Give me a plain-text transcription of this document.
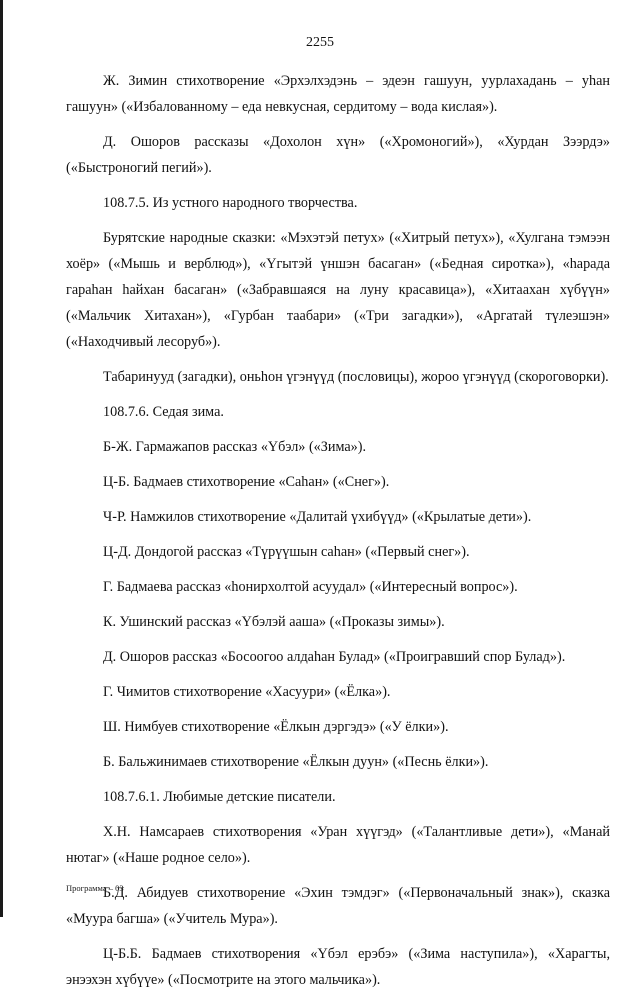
2255

Ж. Зимин стихотворение «Эрхэлхэдэнь – эдеэн гашуун, уурлахадань – уhан гашуун» («Избалованному – еда невкусная, сердитому – вода кислая»).

Д. Ошоров рассказы «Дохолон хүн» («Хромоногий»), «Хурдан Зээрдэ» («Быстроногий пегий»).

108.7.5. Из устного народного творчества.

Бурятские народные сказки: «Мэхэтэй петух» («Хитрый петух»), «Хулгана тэмээн хоёр» («Мышь и верблюд»), «Үгытэй үншэн басаган» («Бедная сиротка»), «hарада гараhан hайхан басаган» («Забравшаяся на луну красавица»), «Хитаахан хүбүүн» («Мальчик Хитахан»), «Гурбан таабари» («Три загадки»), «Аргатай түлеэшэн» («Находчивый лесоруб»).

Табаринууд (загадки), оньhон үгэнүүд (пословицы), жороо үгэнүүд (скороговорки).

108.7.6. Седая зима.

Б-Ж. Гармажапов рассказ «Үбэл» («Зима»).

Ц-Б. Бадмаев стихотворение «Саhан» («Снег»).

Ч-Р. Намжилов стихотворение «Далитай үхибүүд» («Крылатые дети»).

Ц-Д. Дондогой рассказ «Түрүүшын саhан» («Первый снег»).

Г. Бадмаева рассказ «hонирхолтой асуудал» («Интересный вопрос»).

К. Ушинский рассказ «Үбэлэй ааша» («Проказы зимы»).

Д. Ошоров рассказ «Босоогоо алдаhан Булад» («Проигравший спор Булад»).

Г. Чимитов стихотворение «Хасуури» («Ёлка»).

Ш. Нимбуев стихотворение «Ёлкын дэргэдэ» («У ёлки»).

Б. Бальжинимаев стихотворение «Ёлкын дуун» («Песнь ёлки»).

108.7.6.1. Любимые детские писатели.

Х.Н. Намсараев стихотворения «Уран хүүгэд» («Талантливые дети»), «Манай нютаг» («Наше родное село»).

Б.Д. Абидуев стихотворение «Эхин тэмдэг» («Первоначальный знак»), сказка «Муура багша» («Учитель Мура»).

Ц-Б.Б. Бадмаев стихотворения «Үбэл ерэбэ» («Зима наступила»), «Харагты, энээхэн хүбүүе» («Посмотрите на этого мальчика»).

Программа – 03
